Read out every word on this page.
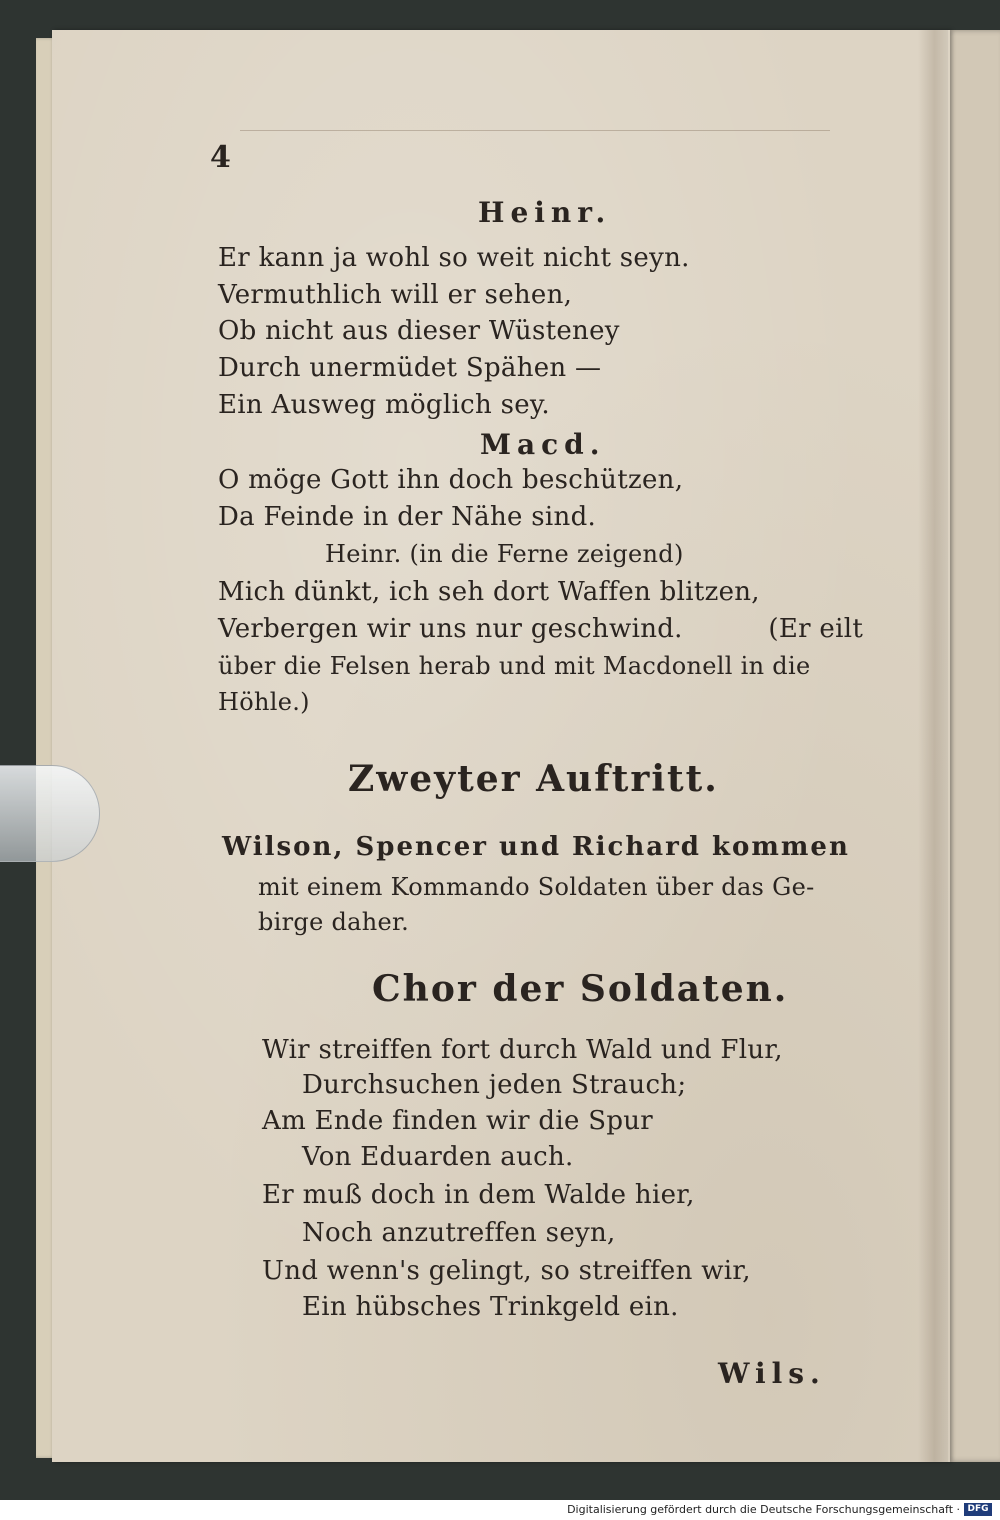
4
Heinr.
Er kann ja wohl so weit nicht seyn.
Vermuthlich will er sehen,
Ob nicht aus dieser Wüsteney
Durch unermüdet Spähen —
Ein Ausweg möglich sey.
Macd.
O möge Gott ihn doch beschützen,
Da Feinde in der Nähe sind.
Heinr. (in die Ferne zeigend)
Mich dünkt, ich seh dort Waffen blitzen,
Verbergen wir uns nur geschwind.          (Er eilt
über die Felsen herab und mit Macdonell in die
Höhle.)
Zweyter Auftritt.
Wilson, Spencer und Richard kommen
mit einem Kommando Soldaten über das Ge-
birge daher.
Chor der Soldaten.
Wir streiffen fort durch Wald und Flur,
Durchsuchen jeden Strauch;
Am Ende finden wir die Spur
Von Eduarden auch.
Er muß doch in dem Walde hier,
Noch anzutreffen seyn,
Und wenn's gelingt, so streiffen wir,
Ein hübsches Trinkgeld ein.
Wils.
Digitalisierung gefördert durch die Deutsche Forschungsgemeinschaft · DFG
